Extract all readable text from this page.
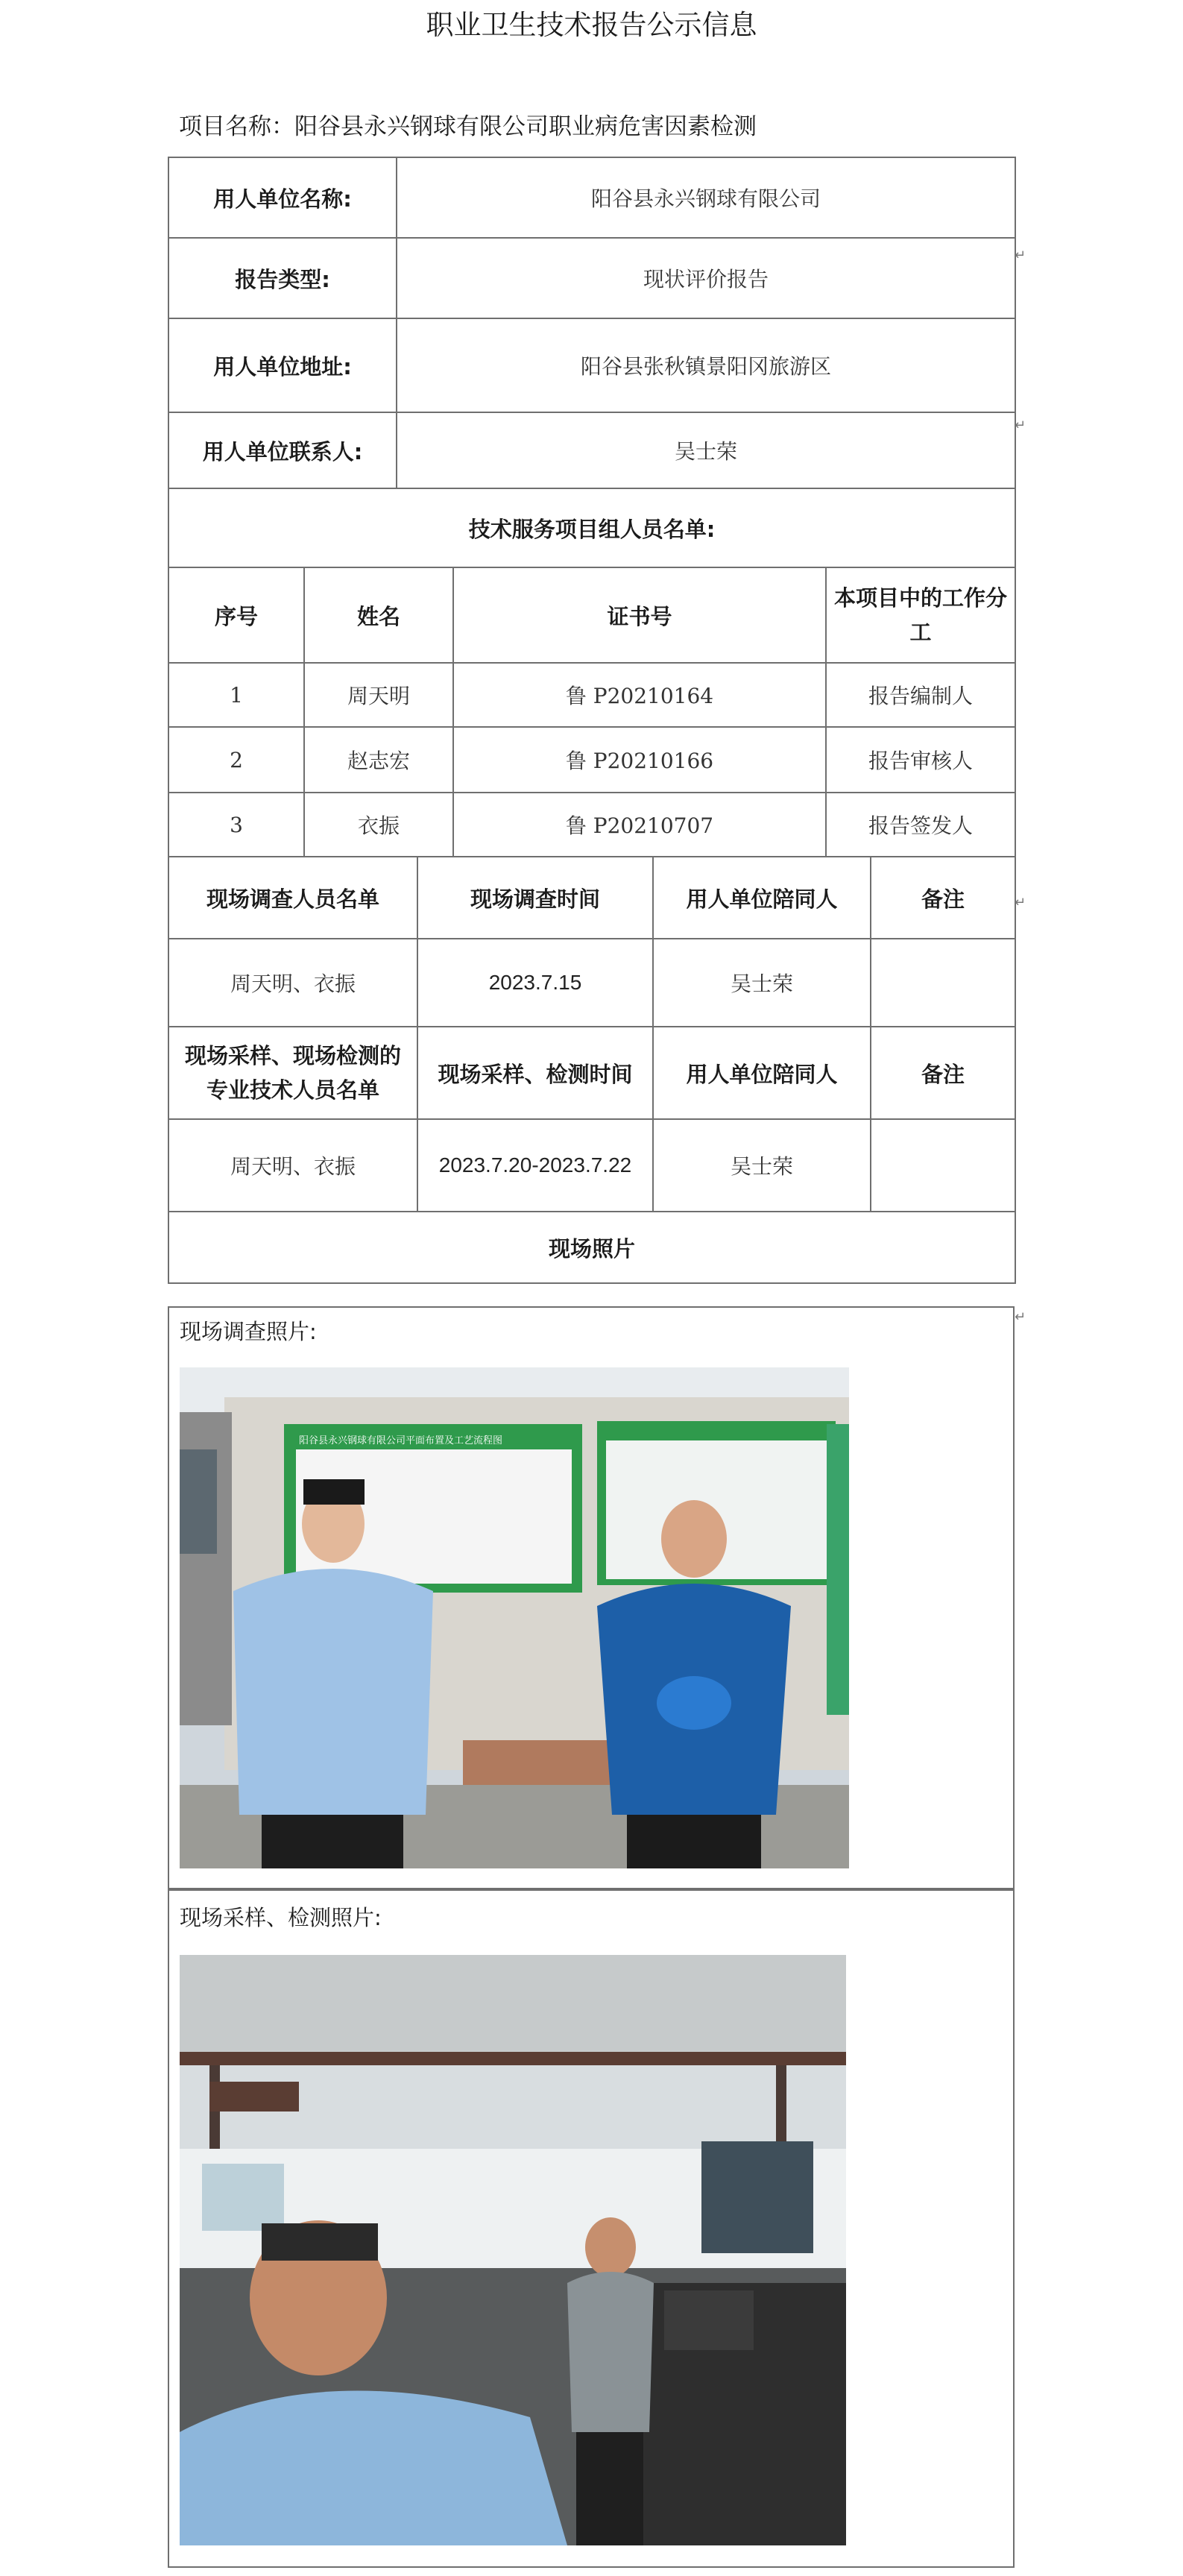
职业卫生技术报告公示信息
项目名称：阳谷县永兴钢球有限公司职业病危害因素检测
用人单位名称:	阳谷县永兴钢球有限公司
报告类型:	现状评价报告
用人单位地址:	阳谷县张秋镇景阳冈旅游区
用人单位联系人:	吴士荣
技术服务项目组人员名单:	
序号	姓名	证书号	本项目中的工作分工
1	周天明	鲁 P20210164	报告编制人
2	赵志宏	鲁 P20210166	报告审核人
3	衣振	鲁 P20210707	报告签发人
现场调查人员名单	现场调查时间	用人单位陪同人	备注
周天明、衣振	2023.7.15	吴士荣	
现场采样、现场检测的专业技术人员名单	现场采样、检测时间	用人单位陪同人	备注
周天明、衣振	2023.7.20-2023.7.22	吴士荣	
现场照片			
↵
↵
↵
↵
现场调查照片:
阳谷县永兴钢球有限公司平面布置及工艺流程图
现场采样、检测照片:
